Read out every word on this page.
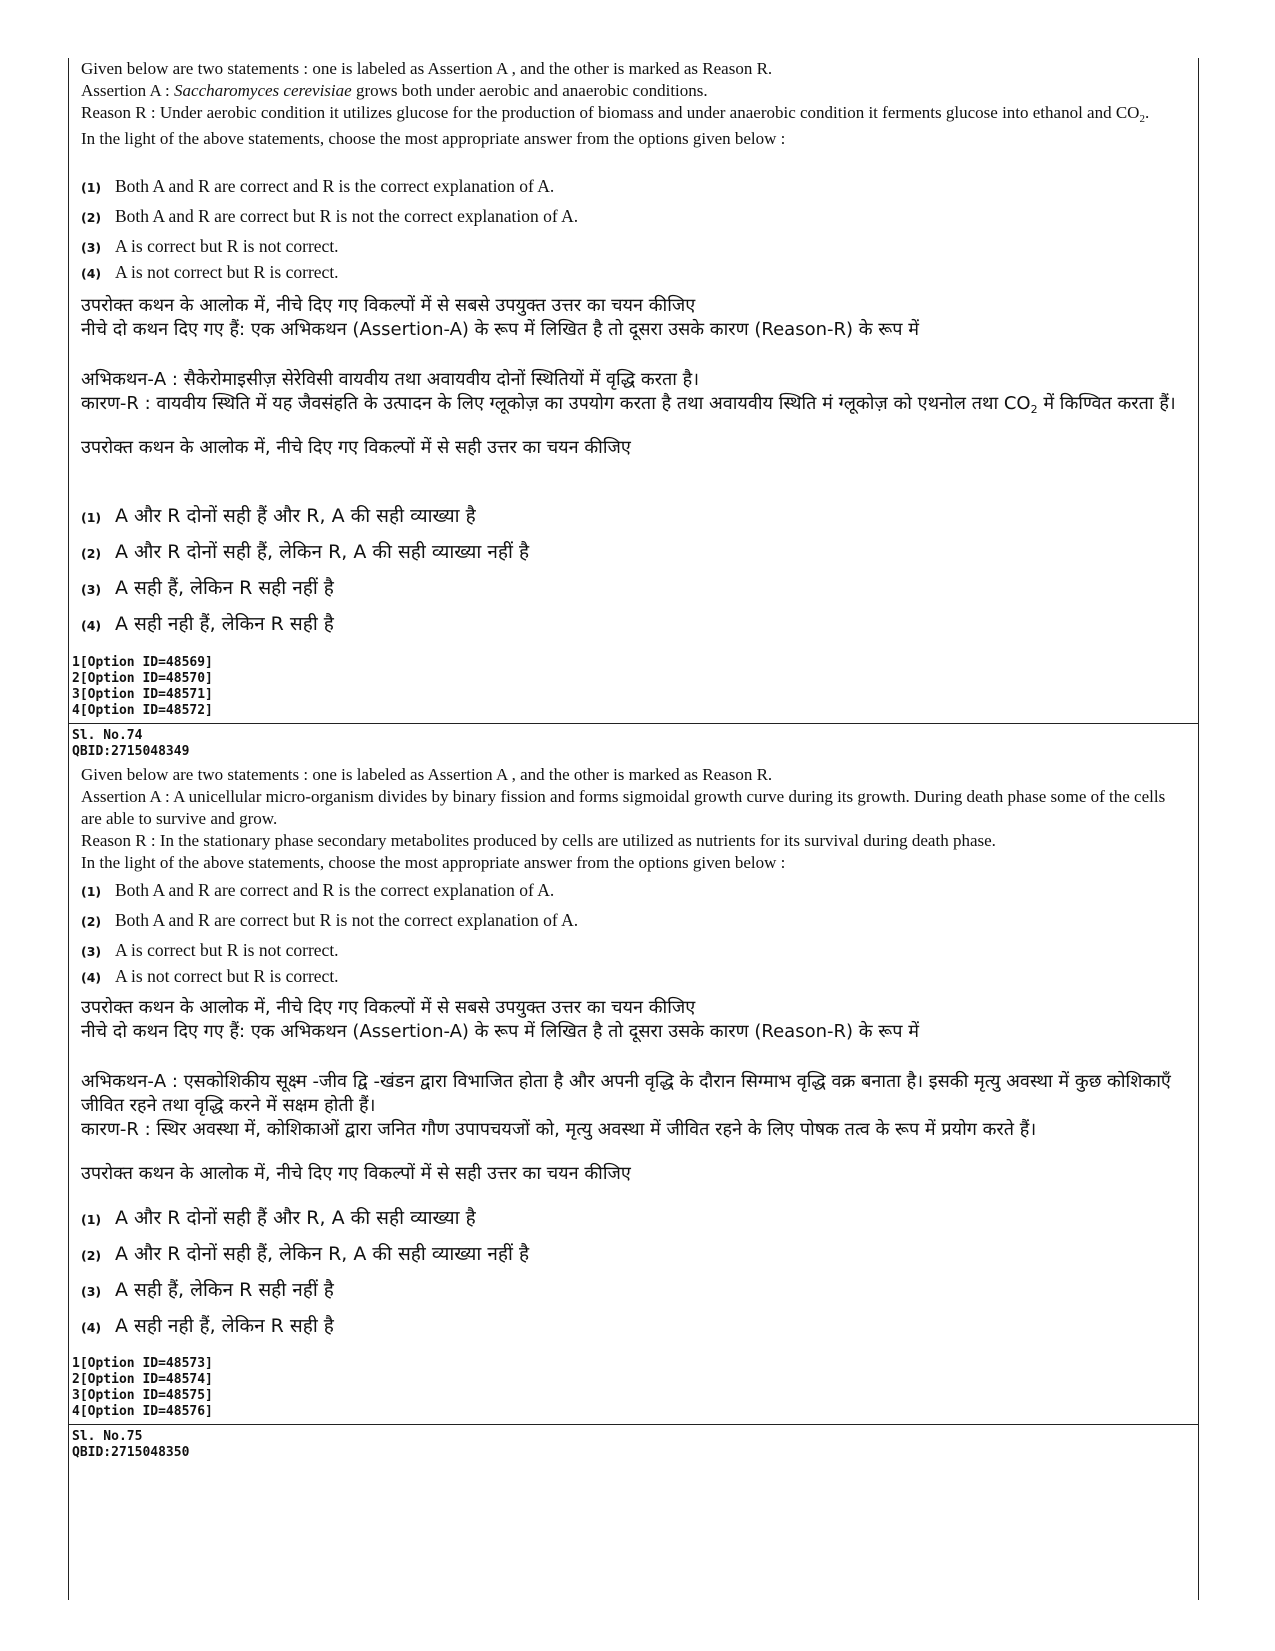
Given below are two statements : one is labeled as Assertion A , and the other is marked as Reason R.

Assertion A : Saccharomyces cerevisiae grows both under aerobic and anaerobic conditions.

Reason R : Under aerobic condition it utilizes glucose for the production of biomass and under anaerobic condition it ferments glucose into ethanol and $CO_2$.

In the light of the above statements, choose the most appropriate answer from the options given below :

(1) Both A and R are correct and R is the correct explanation of A.
(2) Both A and R are correct but R is not the correct explanation of A.
(3) A is correct but R is not correct.
(4) A is not correct but R is correct.

उपरोक्त कथन के आलोक में, नीचे दिए गए विकल्पों में से सबसे उपयुक्त उत्तर का चयन कीजिए

नीचे दो कथन दिए गए हैं: एक अभिकथन (Assertion-A) के रूप में लिखित है तो दूसरा उसके कारण (Reason-R) के रूप में

अभिकथन-A : सैकेरोमाइसीज़ सेरेविसी वायवीय तथा अवायवीय दोनों स्थितियों में वृद्धि करता है।

कारण-R : वायवीय स्थिति में यह जैवसंहति के उत्पादन के लिए ग्लूकोज़ का उपयोग करता है तथा अवायवीय स्थिति मं ग्लूकोज़ को एथनोल तथा $CO_2$ में किण्वित करता हैं।

उपरोक्त कथन के आलोक में, नीचे दिए गए विकल्पों में से सही उत्तर का चयन कीजिए

(1) A और R दोनों सही हैं और R, A की सही व्याख्या है
(2) A और R दोनों सही हैं, लेकिन R, A की सही व्याख्या नहीं है
(3) A सही हैं, लेकिन R सही नहीं है
(4) A सही नही हैं, लेकिन R सही है
1[Option ID=48569]
2[Option ID=48570]
3[Option ID=48571]
4[Option ID=48572]
Sl. No.74
QBID:2715048349

Given below are two statements : one is labeled as Assertion A , and the other is marked as Reason R.

Assertion A : A unicellular micro-organism divides by binary fission and forms sigmoidal growth curve during its growth. During death phase some of the cells are able to survive and grow.

Reason R : In the stationary phase secondary metabolites produced by cells are utilized as nutrients for its survival during death phase.

In the light of the above statements, choose the most appropriate answer from the options given below :

(1) Both A and R are correct and R is the correct explanation of A.
(2) Both A and R are correct but R is not the correct explanation of A.
(3) A is correct but R is not correct.
(4) A is not correct but R is correct.

उपरोक्त कथन के आलोक में, नीचे दिए गए विकल्पों में से सबसे उपयुक्त उत्तर का चयन कीजिए

नीचे दो कथन दिए गए हैं: एक अभिकथन (Assertion-A) के रूप में लिखित है तो दूसरा उसके कारण (Reason-R) के रूप में

अभिकथन-A : एसकोशिकीय सूक्ष्म -जीव द्वि -खंडन द्वारा विभाजित होता है और अपनी वृद्धि के दौरान सिग्माभ वृद्धि वक्र बनाता है। इसकी मृत्यु अवस्था में कुछ कोशिकाएँ जीवित रहने तथा वृद्धि करने में सक्षम होती हैं।

कारण-R : स्थिर अवस्था में, कोशिकाओं द्वारा जनित गौण उपापचयजों को, मृत्यु अवस्था में जीवित रहने के लिए पोषक तत्व के रूप में प्रयोग करते हैं।

उपरोक्त कथन के आलोक में, नीचे दिए गए विकल्पों में से सही उत्तर का चयन कीजिए

(1) A और R दोनों सही हैं और R, A की सही व्याख्या है
(2) A और R दोनों सही हैं, लेकिन R, A की सही व्याख्या नहीं है
(3) A सही हैं, लेकिन R सही नहीं है
(4) A सही नही हैं, लेकिन R सही है
1[Option ID=48573]
2[Option ID=48574]
3[Option ID=48575]
4[Option ID=48576]
Sl. No.75
QBID:2715048350
